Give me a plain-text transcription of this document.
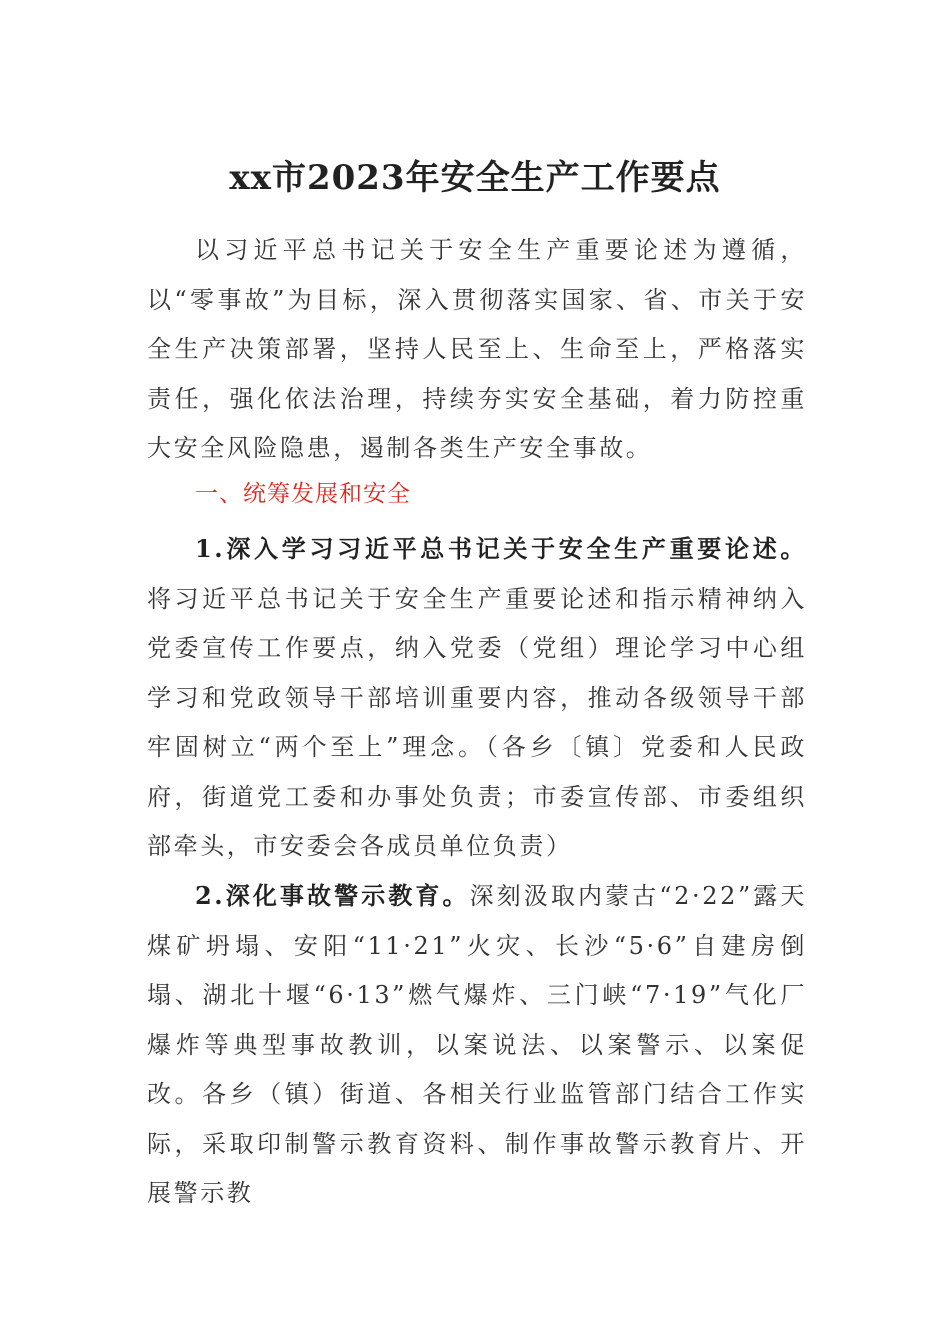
xx市2023年安全生产工作要点
以习近平总书记关于安全生产重要论述为遵循，以“零事故”为目标，深入贯彻落实国家、省、市关于安全生产决策部署，坚持人民至上、生命至上，严格落实责任，强化依法治理，持续夯实安全基础，着力防控重大安全风险隐患，遏制各类生产安全事故。
一、统筹发展和安全
1.深入学习习近平总书记关于安全生产重要论述。将习近平总书记关于安全生产重要论述和指示精神纳入党委宣传工作要点，纳入党委（党组）理论学习中心组学习和党政领导干部培训重要内容，推动各级领导干部牢固树立“两个至上”理念。（各乡〔镇〕党委和人民政府，街道党工委和办事处负责；市委宣传部、市委组织部牵头，市安委会各成员单位负责）
2.深化事故警示教育。深刻汲取内蒙古“2·22”露天煤矿坍塌、安阳“11·21”火灾、长沙“5·6”自建房倒塌、湖北十堰“6·13”燃气爆炸、三门峡“7·19”气化厂爆炸等典型事故教训，以案说法、以案警示、以案促改。各乡（镇）街道、各相关行业监管部门结合工作实际，采取印制警示教育资料、制作事故警示教育片、开展警示教
